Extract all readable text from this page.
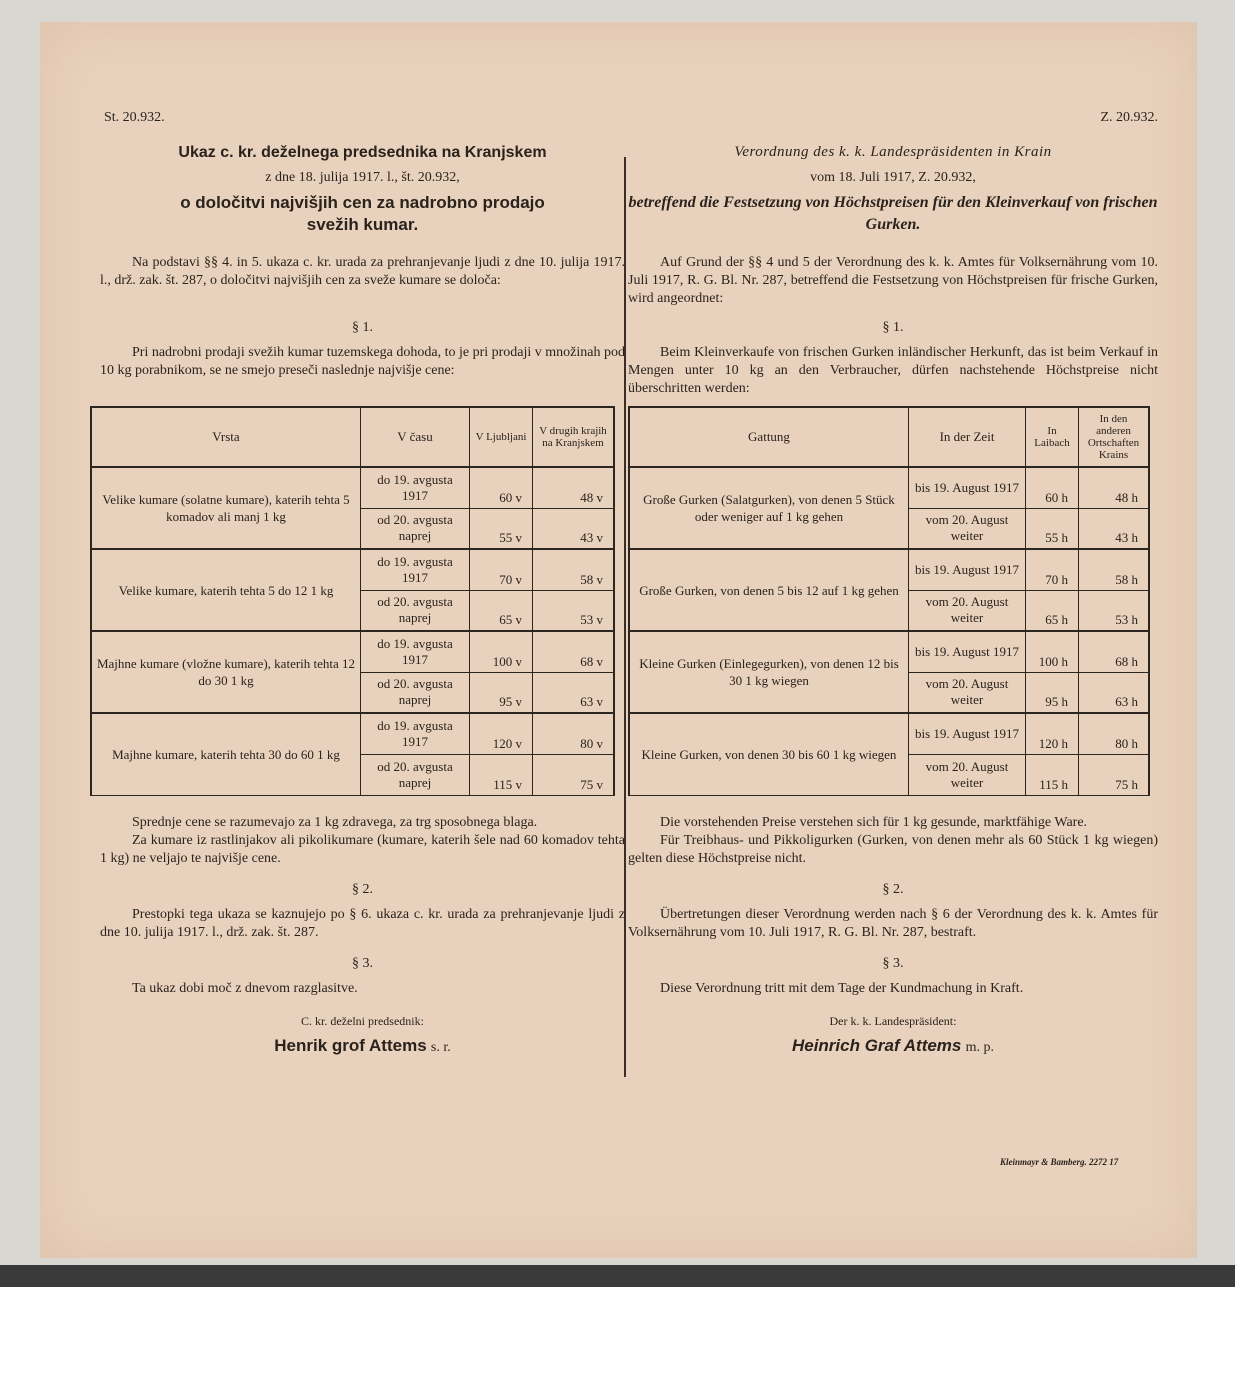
St. 20.932.
Ukaz c. kr. deželnega predsednika na Kranjskem
z dne 18. julija 1917. l., št. 20.932,
o določitvi najvišjih cen za nadrobno prodajo svežih kumar.
Na podstavi §§ 4. in 5. ukaza c. kr. urada za prehranjevanje ljudi z dne 10. julija 1917. l., drž. zak. št. 287, o določitvi najvišjih cen za sveže kumare se določa:
§ 1.
Pri nadrobni prodaji svežih kumar tuzemskega dohoda, to je pri prodaji v množinah pod 10 kg porabnikom, se ne smejo preseči naslednje najvišje cene:
Vrsta	V času	V Ljubljani	V drugih krajih na Kranjskem
Velike kumare (solatne kumare), katerih tehta 5 komadov ali manj 1 kg	do 19. avgusta 1917	60 v	48 v
	od 20. avgusta naprej	55 v	43 v
Velike kumare, katerih tehta 5 do 12 1 kg	do 19. avgusta 1917	70 v	58 v
	od 20. avgusta naprej	65 v	53 v
Majhne kumare (vložne kumare), katerih tehta 12 do 30 1 kg	do 19. avgusta 1917	100 v	68 v
	od 20. avgusta naprej	95 v	63 v
Majhne kumare, katerih tehta 30 do 60 1 kg	do 19. avgusta 1917	120 v	80 v
	od 20. avgusta naprej	115 v	75 v
Sprednje cene se razumevajo za 1 kg zdravega, za trg sposobnega blaga.
Za kumare iz rastlinjakov ali pikolikumare (kumare, katerih šele nad 60 komadov tehta 1 kg) ne veljajo te najvišje cene.
§ 2.
Prestopki tega ukaza se kaznujejo po § 6. ukaza c. kr. urada za prehranjevanje ljudi z dne 10. julija 1917. l., drž. zak. št. 287.
§ 3.
Ta ukaz dobi moč z dnevom razglasitve.
C. kr. deželni predsednik:
Henrik grof Attems s. r.
Z. 20.932.
Verordnung des k. k. Landespräsidenten in Krain
vom 18. Juli 1917, Z. 20.932,
betreffend die Festsetzung von Höchstpreisen für den Kleinverkauf von frischen Gurken.
Auf Grund der §§ 4 und 5 der Verordnung des k. k. Amtes für Volksernährung vom 10. Juli 1917, R. G. Bl. Nr. 287, betreffend die Festsetzung von Höchstpreisen für frische Gurken, wird angeordnet:
§ 1.
Beim Kleinverkaufe von frischen Gurken inländischer Herkunft, das ist beim Verkauf in Mengen unter 10 kg an den Verbraucher, dürfen nachstehende Höchstpreise nicht überschritten werden:
Gattung	In der Zeit	In Laibach	In den anderen Ortschaften Krains
Große Gurken (Salatgurken), von denen 5 Stück oder weniger auf 1 kg gehen	bis 19. August 1917	60 h	48 h
	vom 20. August weiter	55 h	43 h
Große Gurken, von denen 5 bis 12 auf 1 kg gehen	bis 19. August 1917	70 h	58 h
	vom 20. August weiter	65 h	53 h
Kleine Gurken (Einlegegurken), von denen 12 bis 30 1 kg wiegen	bis 19. August 1917	100 h	68 h
	vom 20. August weiter	95 h	63 h
Kleine Gurken, von denen 30 bis 60 1 kg wiegen	bis 19. August 1917	120 h	80 h
	vom 20. August weiter	115 h	75 h
Die vorstehenden Preise verstehen sich für 1 kg gesunde, marktfähige Ware.
Für Treibhaus- und Pikkoligurken (Gurken, von denen mehr als 60 Stück 1 kg wiegen) gelten diese Höchstpreise nicht.
§ 2.
Übertretungen dieser Verordnung werden nach § 6 der Verordnung des k. k. Amtes für Volksernährung vom 10. Juli 1917, R. G. Bl. Nr. 287, bestraft.
§ 3.
Diese Verordnung tritt mit dem Tage der Kundmachung in Kraft.
Der k. k. Landespräsident:
Heinrich Graf Attems m. p.
Kleinmayr & Bamberg. 2272 17
